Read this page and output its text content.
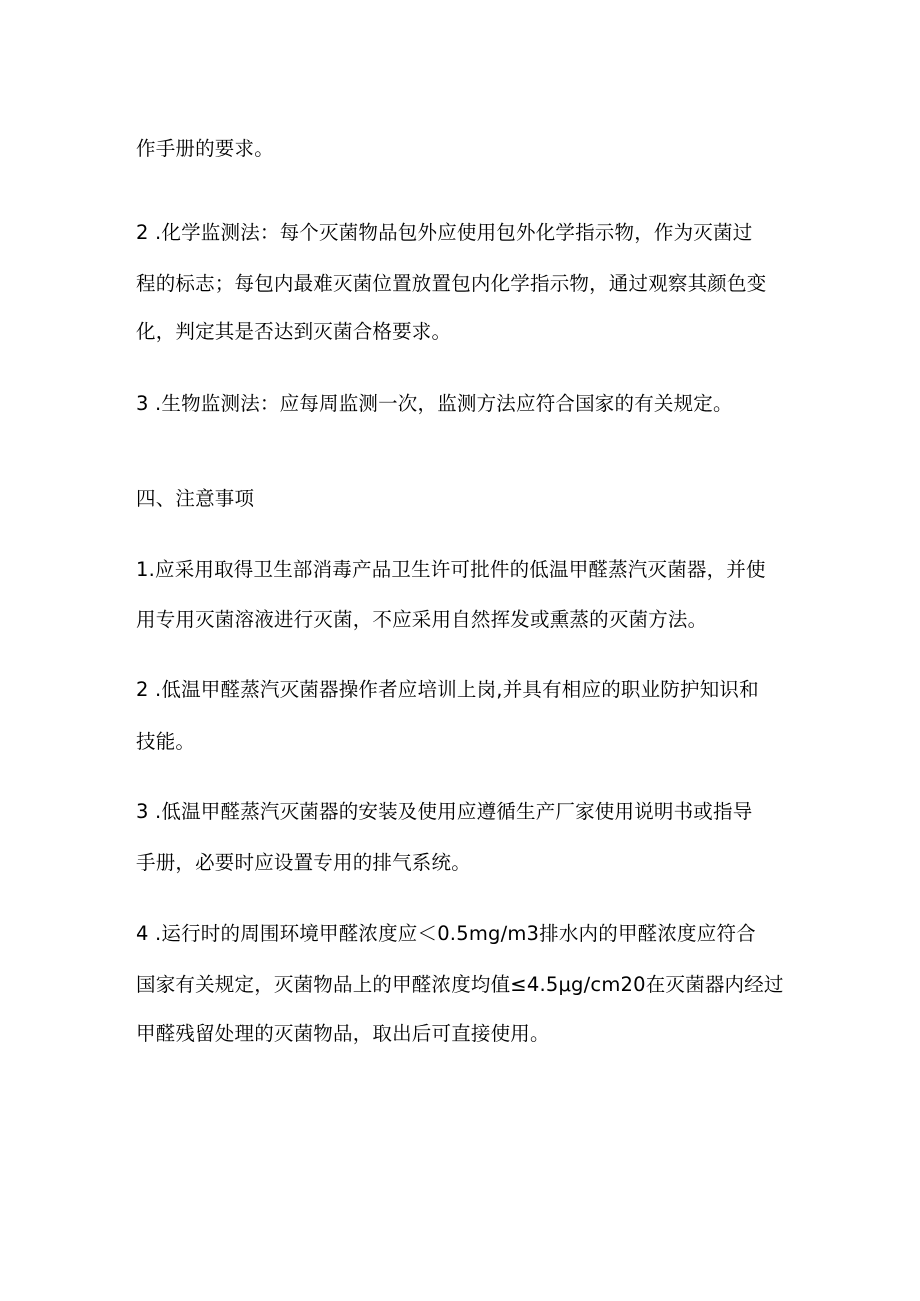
作手册的要求。

2 .化学监测法：每个灭菌物品包外应使用包外化学指示物，作为灭菌过

程的标志；每包内最难灭菌位置放置包内化学指示物，通过观察其颜色变

化，判定其是否达到灭菌合格要求。

3 .生物监测法：应每周监测一次，监测方法应符合国家的有关规定。

四、注意事项

1.应采用取得卫生部消毒产品卫生许可批件的低温甲醛蒸汽灭菌器，并使

用专用灭菌溶液进行灭菌，不应采用自然挥发或熏蒸的灭菌方法。

2 .低温甲醛蒸汽灭菌器操作者应培训上岗,并具有相应的职业防护知识和

技能。

3 .低温甲醛蒸汽灭菌器的安装及使用应遵循生产厂家使用说明书或指导

手册，必要时应设置专用的排气系统。

4 .运行时的周围环境甲醛浓度应＜0.5mg∕m3排水内的甲醛浓度应符合

国家有关规定，灭菌物品上的甲醛浓度均值≤4.5μg∕cm20在灭菌器内经过

甲醛残留处理的灭菌物品，取出后可直接使用。
